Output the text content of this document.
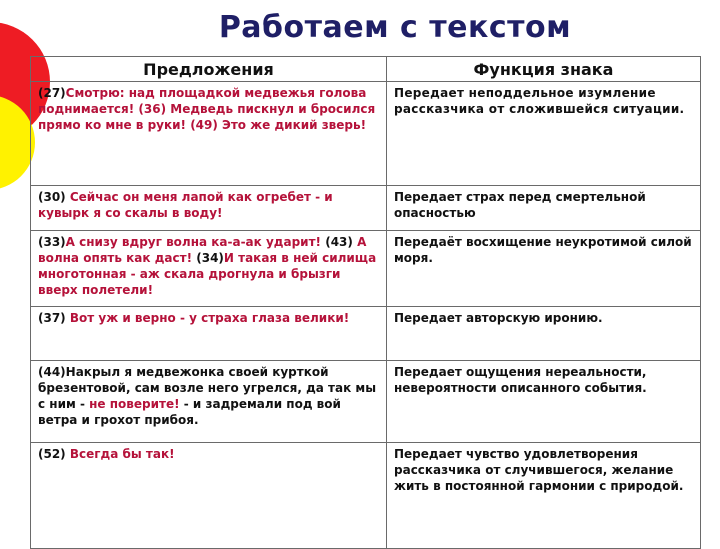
Работаем с текстом
Предложения	Функция знака
(27)Смотрю: над площадкой медвежья голова поднимается! (36) Медведь пискнул и бросился прямо ко мне в руки! (49) Это же дикий зверь!	Передает неподдельное изумление рассказчика от сложившейся ситуации.
(30) Сейчас он меня лапой как огребет - и кувырк я со скалы в воду!	Передает страх перед смертельной опасностью
(33)А снизу вдруг волна ка-а-ак ударит! (43) А волна опять как даст! (34)И такая в ней силища многотонная - аж скала дрогнула и брызги вверх полетели!	Передаёт восхищение неукротимой силой моря.
(37) Вот уж и верно - у страха глаза велики!	Передает авторскую иронию.
(44)Накрыл я медвежонка своей курткой брезентовой, сам возле него угрелся, да так мы с ним - не поверите! - и задремали под вой ветра и грохот прибоя.	Передает ощущения нереальности, невероятности описанного события.
(52) Всегда бы так!	Передает чувство удовлетворения рассказчика от случившегося, желание жить в постоянной гармонии с природой.
